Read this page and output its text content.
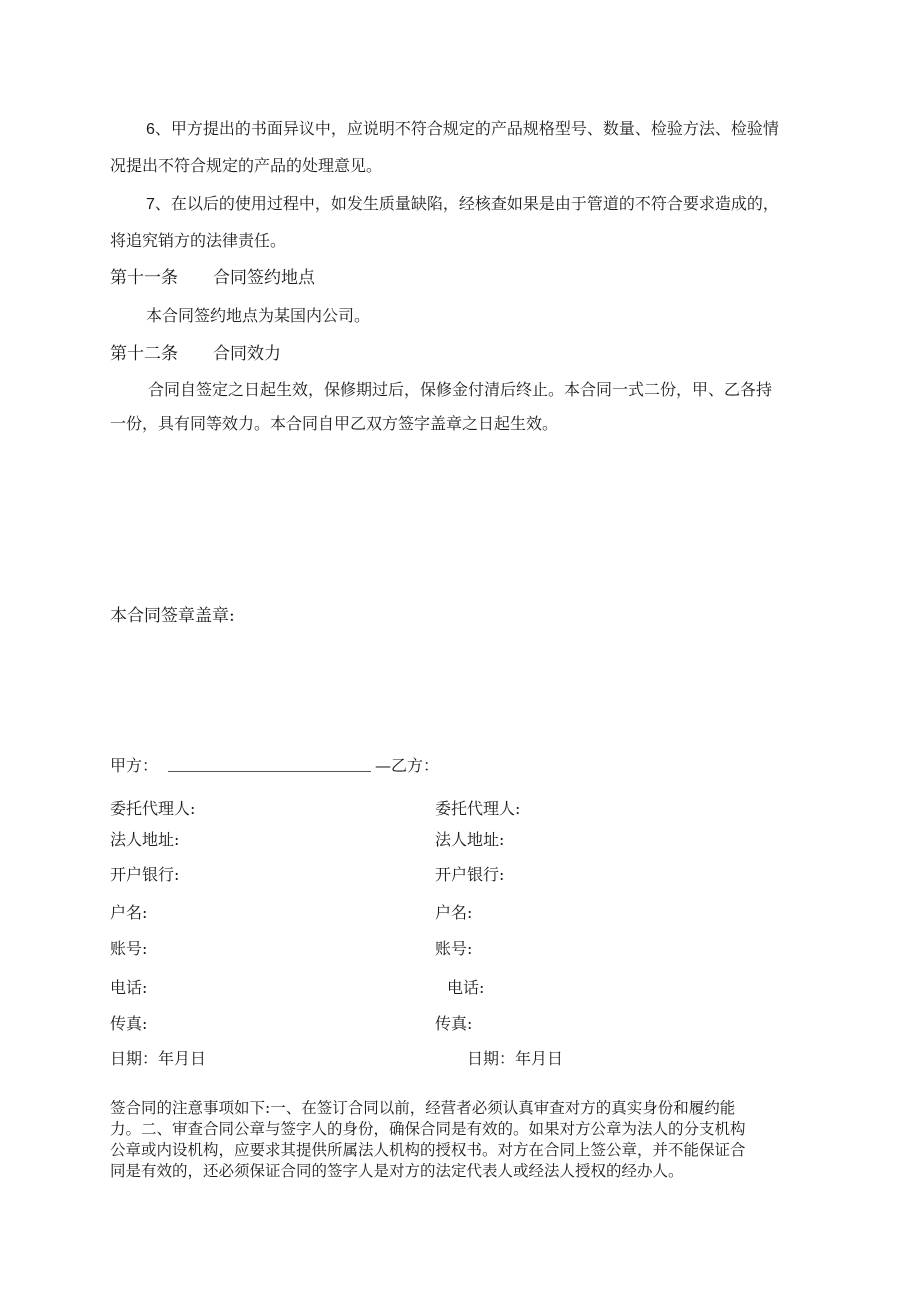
6、甲方提出的书面异议中，应说明不符合规定的产品规格型号、数量、检验方法、检验情
况提出不符合规定的产品的处理意见。
7、在以后的使用过程中，如发生质量缺陷，经核查如果是由于管道的不符合要求造成的，
将追究销方的法律责任。
第十一条 合同签约地点
本合同签约地点为某国内公司。
第十二条 合同效力
合同自签定之日起生效，保修期过后，保修金付清后终止。本合同一式二份，甲、乙各持
一份，具有同等效力。本合同自甲乙双方签字盖章之日起生效。
本合同签章盖章:
甲方：	—乙方：
委托代理人:
法人地址:
开户银行:
户名:
账号:
电话:
传真:
日期：年月日
委托代理人:
法人地址:
开户银行:
户名:
账号:
电话:
传真:
日期：年月日
签合同的注意事项如下:一、在签订合同以前，经营者必须认真审查对方的真实身份和履约能
力。二、审查合同公章与签字人的身份，确保合同是有效的。如果对方公章为法人的分支机构
公章或内设机构，应要求其提供所属法人机构的授权书。对方在合同上签公章，并不能保证合
同是有效的，还必须保证合同的签字人是对方的法定代表人或经法人授权的经办人。
